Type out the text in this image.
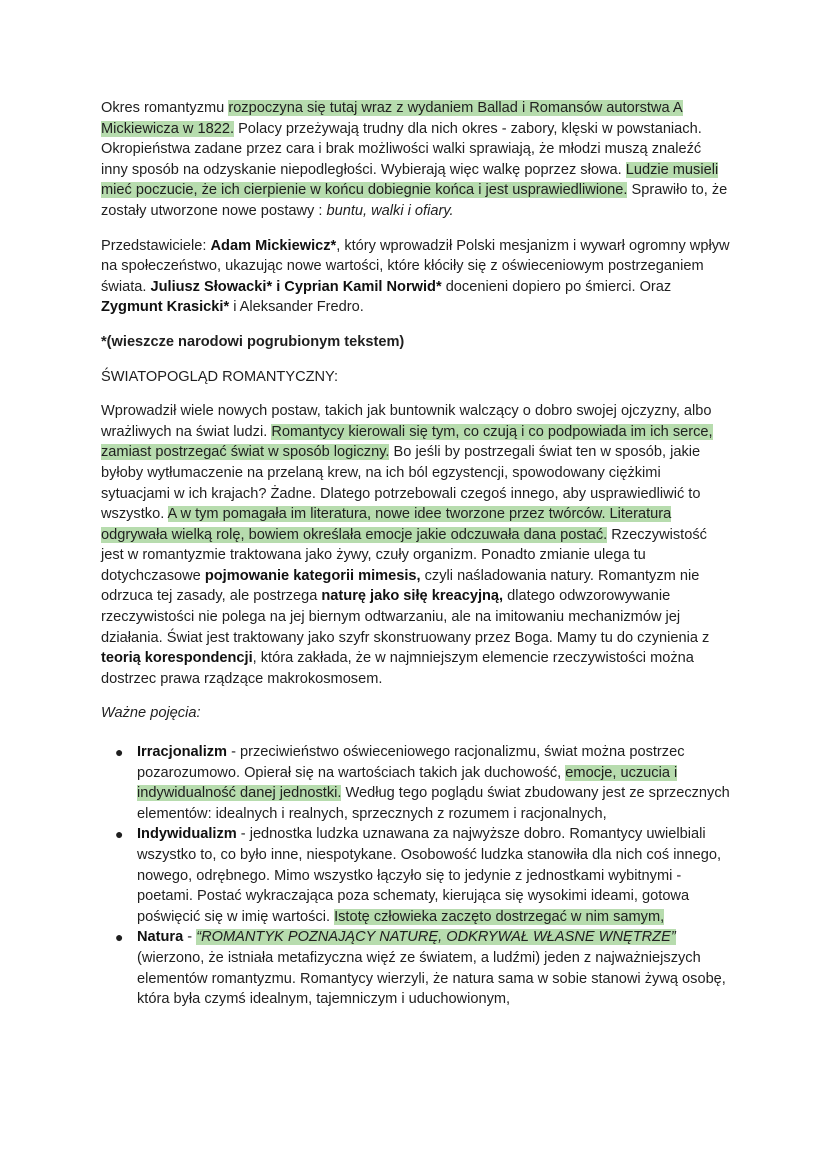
Okres romantyzmu rozpoczyna się tutaj wraz z wydaniem Ballad i Romansów autorstwa A Mickiewicza w 1822. Polacy przeżywają trudny dla nich okres - zabory, klęski w powstaniach. Okropieństwa zadane przez cara i brak możliwości walki sprawiają, że młodzi muszą znaleźć inny sposób na odzyskanie niepodległości. Wybierają więc walkę poprzez słowa. Ludzie musieli mieć poczucie, że ich cierpienie w końcu dobiegnie końca i jest usprawiedliwione. Sprawiło to, że zostały utworzone nowe postawy : buntu, walki i ofiary.

Przedstawiciele: Adam Mickiewicz*, który wprowadził Polski mesjanizm i wywarł ogromny wpływ na społeczeństwo, ukazując nowe wartości, które kłóciły się z oświeceniowym postrzeganiem świata. Juliusz Słowacki* i Cyprian Kamil Norwid* docenieni dopiero po śmierci. Oraz Zygmunt Krasicki* i Aleksander Fredro.

*(wieszcze narodowi pogrubionym tekstem)

ŚWIATOPOGLĄD ROMANTYCZNY:

Wprowadził wiele nowych postaw, takich jak buntownik walczący o dobro swojej ojczyzny, albo wrażliwych na świat ludzi. Romantycy kierowali się tym, co czują i co podpowiada im ich serce, zamiast postrzegać świat w sposób logiczny. Bo jeśli by postrzegali świat ten w sposób, jakie byłoby wytłumaczenie na przelaną krew, na ich ból egzystencji, spowodowany ciężkimi sytuacjami w ich krajach? Żadne. Dlatego potrzebowali czegoś innego, aby usprawiedliwić to wszystko. A w tym pomagała im literatura, nowe idee tworzone przez twórców. Literatura odgrywała wielką rolę, bowiem określała emocje jakie odczuwała dana postać. Rzeczywistość jest w romantyzmie traktowana jako żywy, czuły organizm. Ponadto zmianie ulega tu dotychczasowe pojmowanie kategorii mimesis, czyli naśladowania natury. Romantyzm nie odrzuca tej zasady, ale postrzega naturę jako siłę kreacyjną, dlatego odwzorowywanie rzeczywistości nie polega na jej biernym odtwarzaniu, ale na imitowaniu mechanizmów jej działania. Świat jest traktowany jako szyfr skonstruowany przez Boga. Mamy tu do czynienia z teorią korespondencji, która zakłada, że w najmniejszym elemencie rzeczywistości można dostrzec prawa rządzące makrokosmosem.

Ważne pojęcia:

● Irracjonalizm - przeciwieństwo oświeceniowego racjonalizmu, świat można postrzec pozarozumowo. Opierał się na wartościach takich jak duchowość, emocje, uczucia i indywidualność danej jednostki. Według tego poglądu świat zbudowany jest ze sprzecznych elementów: idealnych i realnych, sprzecznych z rozumem i racjonalnych,
● Indywidualizm - jednostka ludzka uznawana za najwyższe dobro. Romantycy uwielbiali wszystko to, co było inne, niespotykane. Osobowość ludzka stanowiła dla nich coś innego, nowego, odrębnego. Mimo wszystko łączyło się to jedynie z jednostkami wybitnymi - poetami. Postać wykraczająca poza schematy, kierująca się wysokimi ideami, gotowa poświęcić się w imię wartości. Istotę człowieka zaczęto dostrzegać w nim samym,
● Natura - “ROMANTYK POZNAJĄCY NATURĘ, ODKRYWAŁ WŁASNE WNĘTRZE” (wierzono, że istniała metafizyczna więź ze światem, a ludźmi) jeden z najważniejszych elementów romantyzmu. Romantycy wierzyli, że natura sama w sobie stanowi żywą osobę, która była czymś idealnym, tajemniczym i uduchowionym,
